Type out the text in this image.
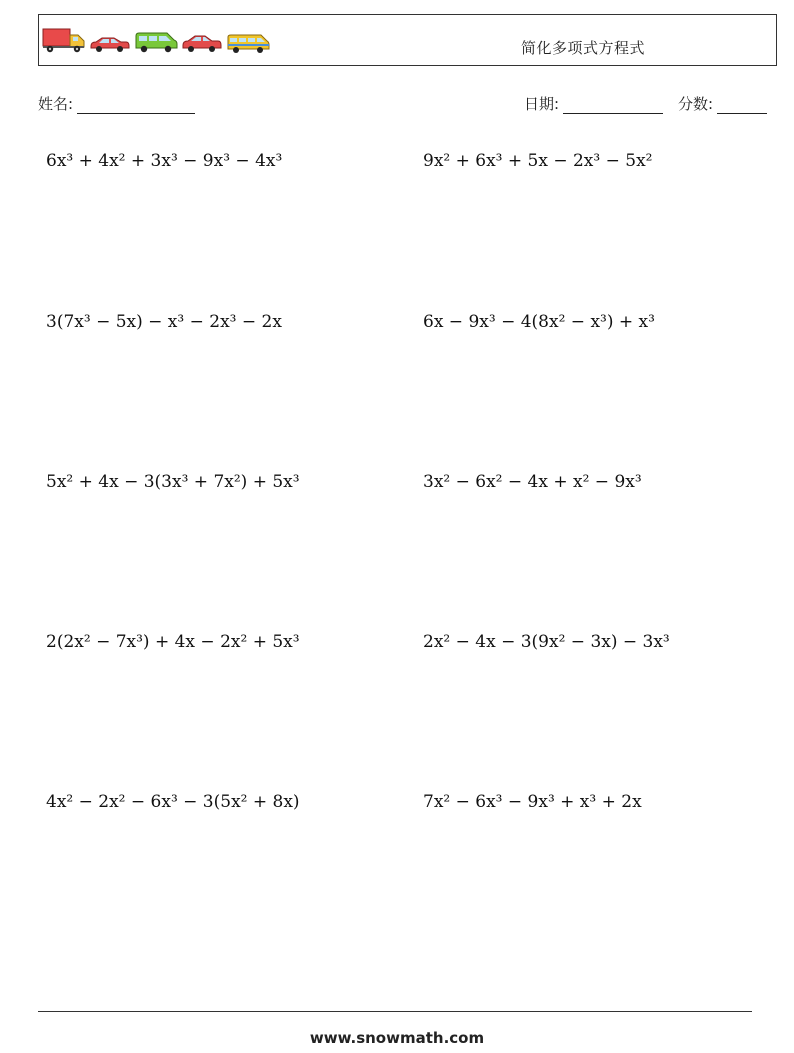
简化多项式方程式
姓名:	日期:	分数:
6x³ + 4x² + 3x³ − 9x³ − 4x³	9x² + 6x³ + 5x − 2x³ − 5x²
3(7x³ − 5x) − x³ − 2x³ − 2x	6x − 9x³ − 4(8x² − x³) + x³
5x² + 4x − 3(3x³ + 7x²) + 5x³	3x² − 6x² − 4x + x² − 9x³
2(2x² − 7x³) + 4x − 2x² + 5x³	2x² − 4x − 3(9x² − 3x) − 3x³
4x² − 2x² − 6x³ − 3(5x² + 8x)	7x² − 6x³ − 9x³ + x³ + 2x
www.snowmath.com
